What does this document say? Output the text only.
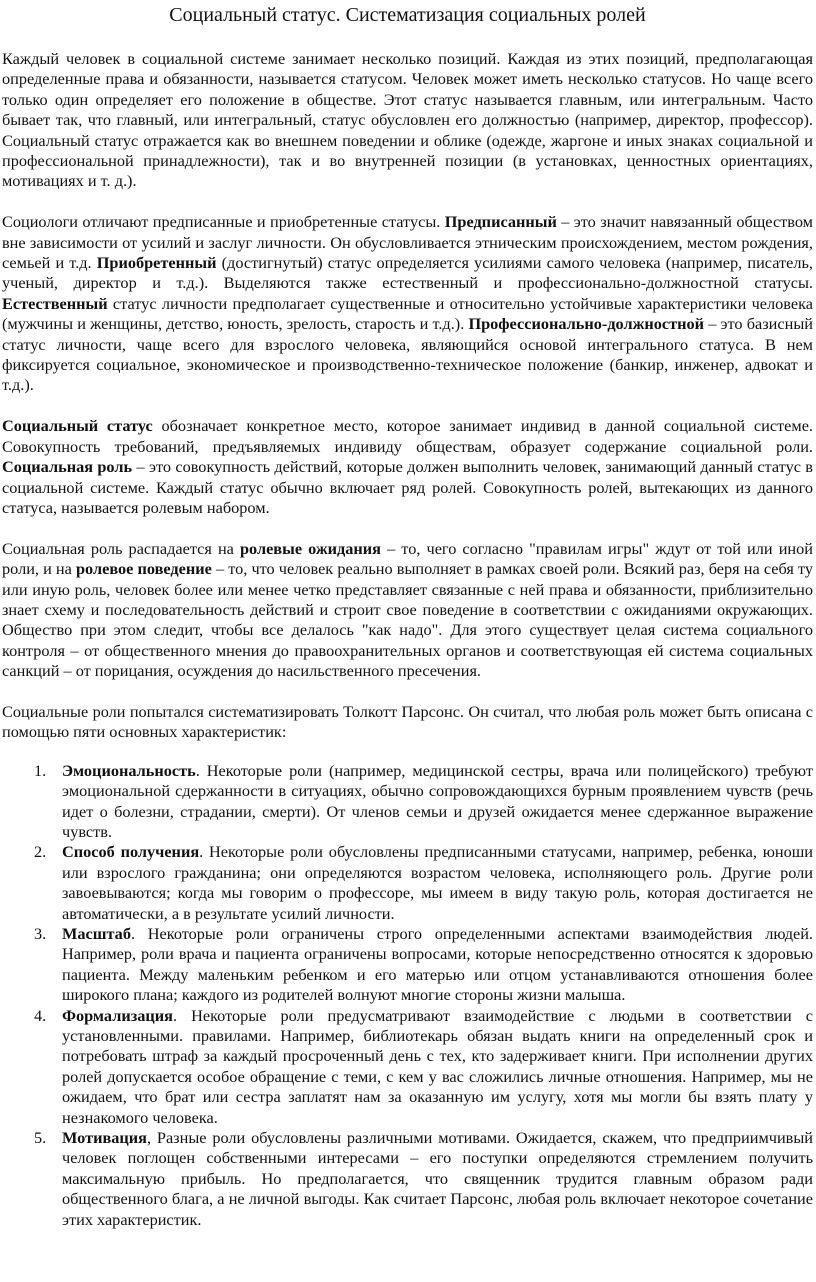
Социальный статус. Систематизация социальных ролей

Каждый человек в социальной системе занимает несколько позиций. Каждая из этих позиций, предполагающая определенные права и обязанности, называется статусом. Человек может иметь несколько статусов. Но чаще всего только один определяет его положение в обществе. Этот статус называется главным, или интегральным. Часто бывает так, что главный, или интегральный, статус обусловлен его должностью (например, директор, профессор). Социальный статус отражается как во внешнем поведении и облике (одежде, жаргоне и иных знаках социальной и профессиональной принадлежности), так и во внутренней позиции (в установках, ценностных ориентациях, мотивациях и т. д.).

Социологи отличают предписанные и приобретенные статусы. Предписанный – это значит навязанный обществом вне зависимости от усилий и заслуг личности. Он обусловливается этническим происхождением, местом рождения, семьей и т.д. Приобретенный (достигнутый) статус определяется усилиями самого человека (например, писатель, ученый, директор и т.д.). Выделяются также естественный и профессионально-должностной статусы. Естественный статус личности предполагает существенные и относительно устойчивые характеристики человека (мужчины и женщины, детство, юность, зрелость, старость и т.д.). Профессионально-должностной – это базисный статус личности, чаще всего для взрослого человека, являющийся основой интегрального статуса. В нем фиксируется социальное, экономическое и производственно-техническое положение (банкир, инженер, адвокат и т.д.).

Социальный статус обозначает конкретное место, которое занимает индивид в данной социальной системе. Совокупность требований, предъявляемых индивиду обществам, образует содержание социальной роли. Социальная роль – это совокупность действий, которые должен выполнить человек, занимающий данный статус в социальной системе. Каждый статус обычно включает ряд ролей. Совокупность ролей, вытекающих из данного статуса, называется ролевым набором.

Социальная роль распадается на ролевые ожидания – то, чего согласно "правилам игры" ждут от той или иной роли, и на ролевое поведение – то, что человек реально выполняет в рамках своей роли. Всякий раз, беря на себя ту или иную роль, человек более или менее четко представляет связанные с ней права и обязанности, приблизительно знает схему и последовательность действий и строит свое поведение в соответствии с ожиданиями окружающих. Общество при этом следит, чтобы все делалось "как надо". Для этого существует целая система социального контроля – от общественного мнения до правоохранительных органов и соответствующая ей система социальных санкций – от порицания, осуждения до насильственного пресечения.

Социальные роли попытался систематизировать Толкотт Парсонс. Он считал, что любая роль может быть описана с помощью пяти основных характеристик:

1. Эмоциональность. Некоторые роли (например, медицинской сестры, врача или полицейского) требуют эмоциональной сдержанности в ситуациях, обычно сопровождающихся бурным проявлением чувств (речь идет о болезни, страдании, смерти). От членов семьи и друзей ожидается менее сдержанное выражение чувств.
2. Способ получения. Некоторые роли обусловлены предписанными статусами, например, ребенка, юноши или взрослого гражданина; они определяются возрастом человека, исполняющего роль. Другие роли завоевываются; когда мы говорим о профессоре, мы имеем в виду такую роль, которая достигается не автоматически, а в результате усилий личности.
3. Масштаб. Некоторые роли ограничены строго определенными аспектами взаимодействия людей. Например, роли врача и пациента ограничены вопросами, которые непосредственно относятся к здоровью пациента. Между маленьким ребенком и его матерью или отцом устанавливаются отношения более широкого плана; каждого из родителей волнуют многие стороны жизни малыша.
4. Формализация. Некоторые роли предусматривают взаимодействие с людьми в соответствии с установленными. правилами. Например, библиотекарь обязан выдать книги на определенный срок и потребовать штраф за каждый просроченный день с тех, кто задерживает книги. При исполнении других ролей допускается особое обращение с теми, с кем у вас сложились личные отношения. Например, мы не ожидаем, что брат или сестра заплатят нам за оказанную им услугу, хотя мы могли бы взять плату у незнакомого человека.
5. Мотивация, Разные роли обусловлены различными мотивами. Ожидается, скажем, что предприимчивый человек поглощен собственными интересами – его поступки определяются стремлением получить максимальную прибыль. Но предполагается, что священник трудится главным образом ради общественного блага, а не личной выгоды. Как считает Парсонс, любая роль включает некоторое сочетание этих характеристик.
